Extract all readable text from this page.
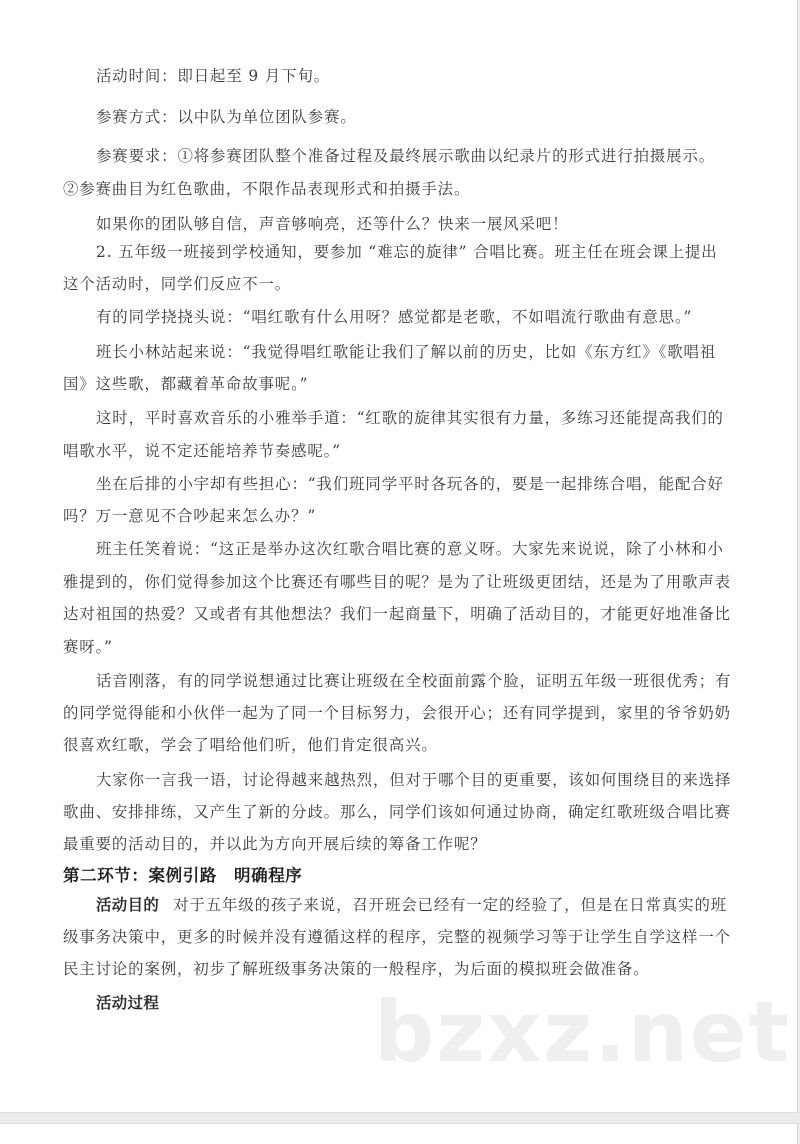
活动时间：即日起至 9 月下旬。
参赛方式：以中队为单位团队参赛。
参赛要求：①将参赛团队整个准备过程及最终展示歌曲以纪录片的形式进行拍摄展示。
②参赛曲目为红色歌曲，不限作品表现形式和拍摄手法。
如果你的团队够自信，声音够响亮，还等什么？快来一展风采吧！
2. 五年级一班接到学校通知，要参加 “难忘的旋律” 合唱比赛。班主任在班会课上提出
这个活动时，同学们反应不一。
有的同学挠挠头说：“唱红歌有什么用呀？感觉都是老歌，不如唱流行歌曲有意思。”
班长小林站起来说：“我觉得唱红歌能让我们了解以前的历史，比如《东方红》《歌唱祖
国》这些歌，都藏着革命故事呢。”
这时，平时喜欢音乐的小雅举手道：“红歌的旋律其实很有力量，多练习还能提高我们的
唱歌水平，说不定还能培养节奏感呢。”
坐在后排的小宇却有些担心：“我们班同学平时各玩各的，要是一起排练合唱，能配合好
吗？万一意见不合吵起来怎么办？”
班主任笑着说：“这正是举办这次红歌合唱比赛的意义呀。大家先来说说，除了小林和小
雅提到的，你们觉得参加这个比赛还有哪些目的呢？是为了让班级更团结，还是为了用歌声表
达对祖国的热爱？又或者有其他想法？我们一起商量下，明确了活动目的，才能更好地准备比
赛呀。”
话音刚落，有的同学说想通过比赛让班级在全校面前露个脸，证明五年级一班很优秀；有
的同学觉得能和小伙伴一起为了同一个目标努力，会很开心；还有同学提到，家里的爷爷奶奶
很喜欢红歌，学会了唱给他们听，他们肯定很高兴。
大家你一言我一语，讨论得越来越热烈，但对于哪个目的更重要，该如何围绕目的来选择
歌曲、安排排练，又产生了新的分歧。那么，同学们该如何通过协商，确定红歌班级合唱比赛
最重要的活动目的，并以此为方向开展后续的筹备工作呢？
第二环节：案例引路　明确程序
活动目的 对于五年级的孩子来说，召开班会已经有一定的经验了，但是在日常真实的班
级事务决策中，更多的时候并没有遵循这样的程序，完整的视频学习等于让学生自学这样一个
民主讨论的案例，初步了解班级事务决策的一般程序，为后面的模拟班会做准备。
活动过程	bzxz.net
